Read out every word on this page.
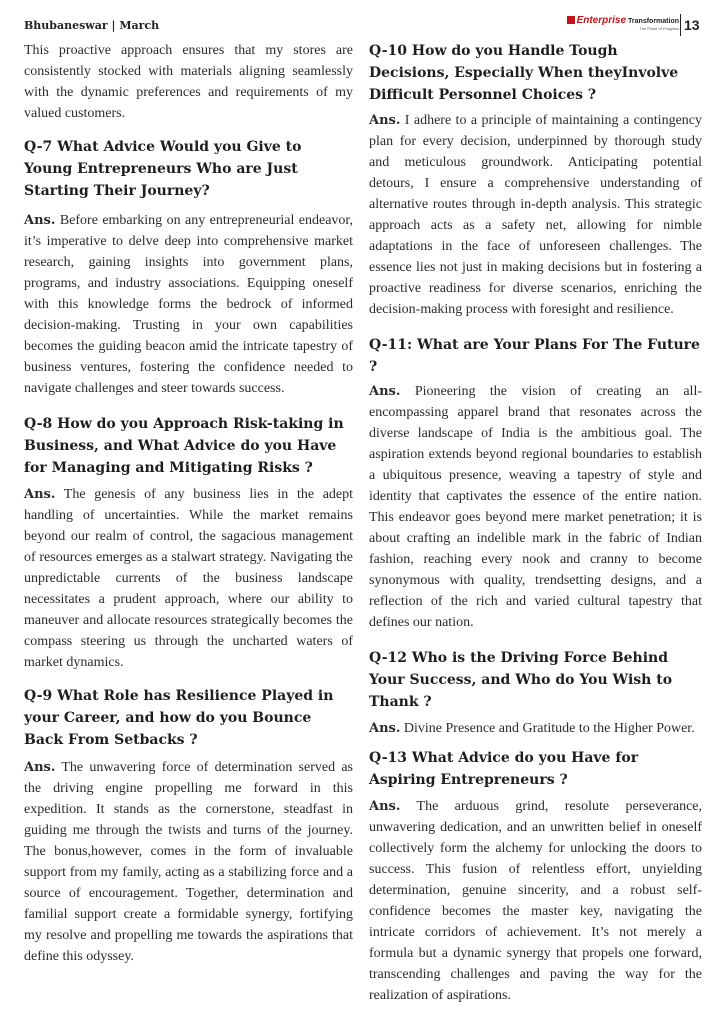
Bhubaneswar | March	Enterprise Transformation
The Pulse of Progress 13

This proactive approach ensures that my stores are consistently stocked with materials aligning seamlessly with the dynamic preferences and requirements of my valued customers.

Q-7 What Advice Would you Give to Young Entrepreneurs Who are Just Starting Their Journey?

Ans. Before embarking on any entrepreneurial endeavor, it’s imperative to delve deep into comprehensive market research, gaining insights into government plans, programs, and industry associations. Equipping oneself with this knowledge forms the bedrock of informed decision-making. Trusting in your own capabilities becomes the guiding beacon amid the intricate tapestry of business ventures, fostering the confidence needed to navigate challenges and steer towards success.

Q-8 How do you Approach Risk-taking in Business, and What Advice do you Have for Managing and Mitigating Risks ?

Ans. The genesis of any business lies in the adept handling of uncertainties. While the market remains beyond our realm of control, the sagacious management of resources emerges as a stalwart strategy. Navigating the unpredictable currents of the business landscape necessitates a prudent approach, where our ability to maneuver and allocate resources strategically becomes the compass steering us through the uncharted waters of market dynamics.

Q-9 What Role has Resilience Played in your Career, and how do you Bounce Back From Setbacks ?

Ans. The unwavering force of determination served as the driving engine propelling me forward in this expedition. It stands as the cornerstone, steadfast in guiding me through the twists and turns of the journey. The bonus,however, comes in the form of invaluable support from my family, acting as a stabilizing force and a source of encouragement. Together, determination and familial support create a formidable synergy, fortifying my resolve and propelling me towards the aspirations that define this odyssey.

Q-10 How do you Handle Tough Decisions, Especially When theyInvolve Difficult Personnel Choices ?

Ans. I adhere to a principle of maintaining a contingency plan for every decision, underpinned by thorough study and meticulous groundwork. Anticipating potential detours, I ensure a comprehensive understanding of alternative routes through in-depth analysis. This strategic approach acts as a safety net, allowing for nimble adaptations in the face of unforeseen challenges. The essence lies not just in making decisions but in fostering a proactive readiness for diverse scenarios, enriching the decision-making process with foresight and resilience.

Q-11: What are Your Plans For The Future ?

Ans. Pioneering the vision of creating an all-encompassing apparel brand that resonates across the diverse landscape of India is the ambitious goal. The aspiration extends beyond regional boundaries to establish a ubiquitous presence, weaving a tapestry of style and identity that captivates the essence of the entire nation. This endeavor goes beyond mere market penetration; it is about crafting an indelible mark in the fabric of Indian fashion, reaching every nook and cranny to become synonymous with quality, trendsetting designs, and a reflection of the rich and varied cultural tapestry that defines our nation.

Q-12 Who is the Driving Force Behind Your Success, and Who do You Wish to Thank ?

Ans. Divine Presence and Gratitude to the Higher Power.

Q-13 What Advice do you Have for Aspiring Entrepreneurs ?

Ans. The arduous grind, resolute perseverance, unwavering dedication, and an unwritten belief in oneself collectively form the alchemy for unlocking the doors to success. This fusion of relentless effort, unyielding determination, genuine sincerity, and a robust self-confidence becomes the master key, navigating the intricate corridors of achievement. It’s not merely a formula but a dynamic synergy that propels one forward, transcending challenges and paving the way for the realization of aspirations.
